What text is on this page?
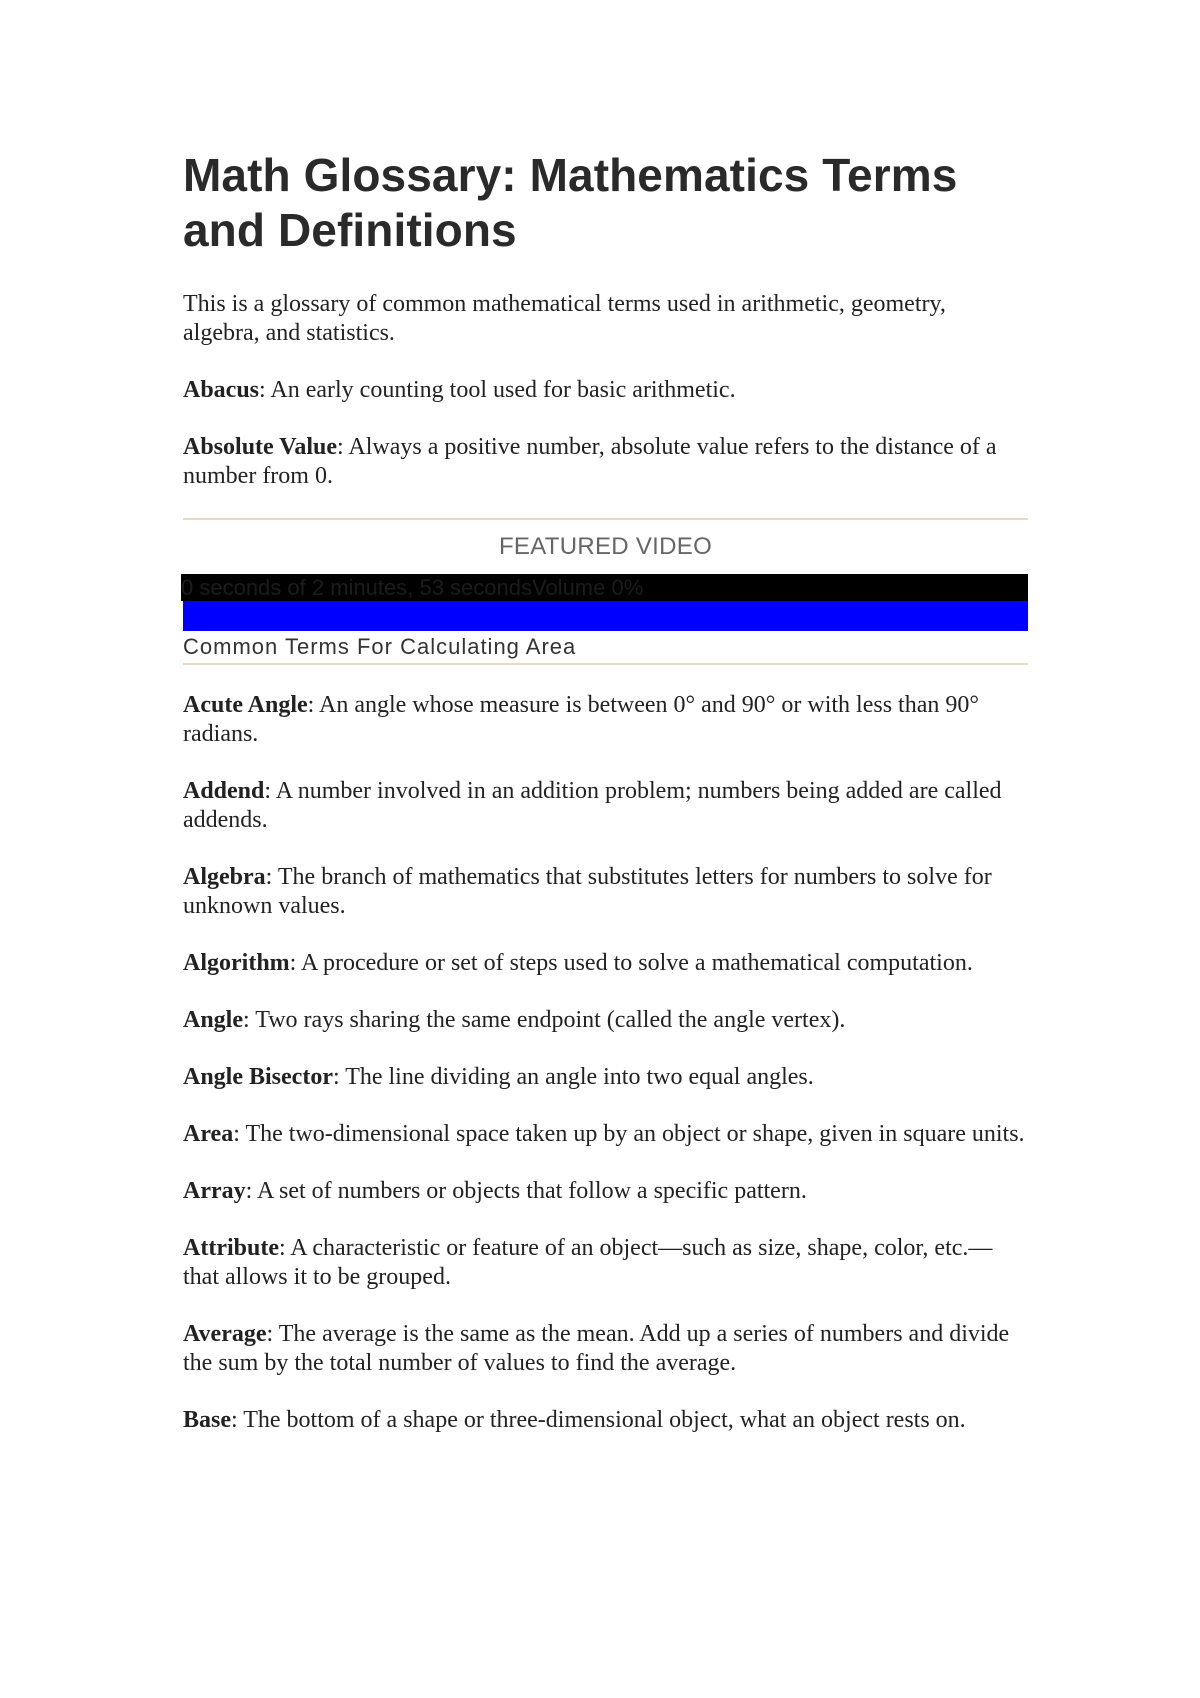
Math Glossary: Mathematics Terms and Definitions

This is a glossary of common mathematical terms used in arithmetic, geometry, algebra, and statistics.

Abacus: An early counting tool used for basic arithmetic.

Absolute Value: Always a positive number, absolute value refers to the distance of a number from 0.

FEATURED VIDEO
0 seconds of 2 minutes, 53 secondsVolume 0%
Common Terms For Calculating Area

Acute Angle: An angle whose measure is between 0° and 90° or with less than 90° radians.

Addend: A number involved in an addition problem; numbers being added are called addends.

Algebra: The branch of mathematics that substitutes letters for numbers to solve for unknown values.

Algorithm: A procedure or set of steps used to solve a mathematical computation.

Angle: Two rays sharing the same endpoint (called the angle vertex).

Angle Bisector: The line dividing an angle into two equal angles.

Area: The two-dimensional space taken up by an object or shape, given in square units.

Array: A set of numbers or objects that follow a specific pattern.

Attribute: A characteristic or feature of an object—such as size, shape, color, etc.—that allows it to be grouped.

Average: The average is the same as the mean. Add up a series of numbers and divide the sum by the total number of values to find the average.

Base: The bottom of a shape or three-dimensional object, what an object rests on.
